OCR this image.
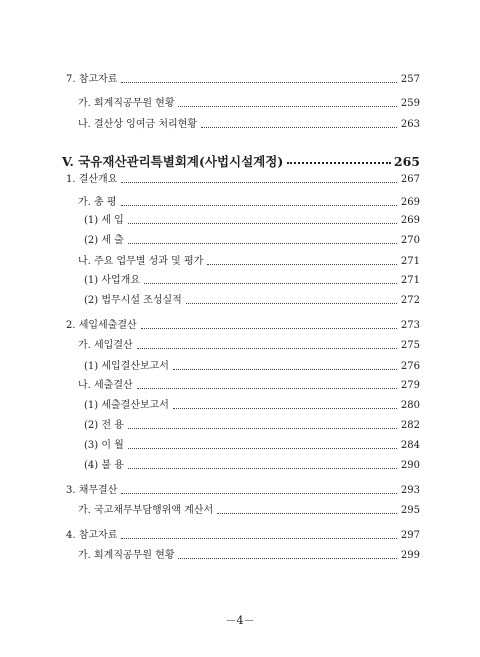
7. 참고자료	257
가. 회계직공무원 현황	259
나. 결산상 잉여금 처리현황	263
V. 국유재산관리특별회계(사법시설계정)	265
1. 결산개요	267
가. 총 평	269
(1) 세 입	269
(2) 세 출	270
나. 주요 업무별 성과 및 평가	271
(1) 사업개요	271
(2) 법무시설 조성실적	272
2. 세입세출결산	273
가. 세입결산	275
(1) 세입결산보고서	276
나. 세출결산	279
(1) 세출결산보고서	280
(2) 전 용	282
(3) 이 월	284
(4) 불 용	290
3. 채무결산	293
가. 국고채무부담행위액 계산서	295
4. 참고자료	297
가. 회계직공무원 현황	299
－4－
